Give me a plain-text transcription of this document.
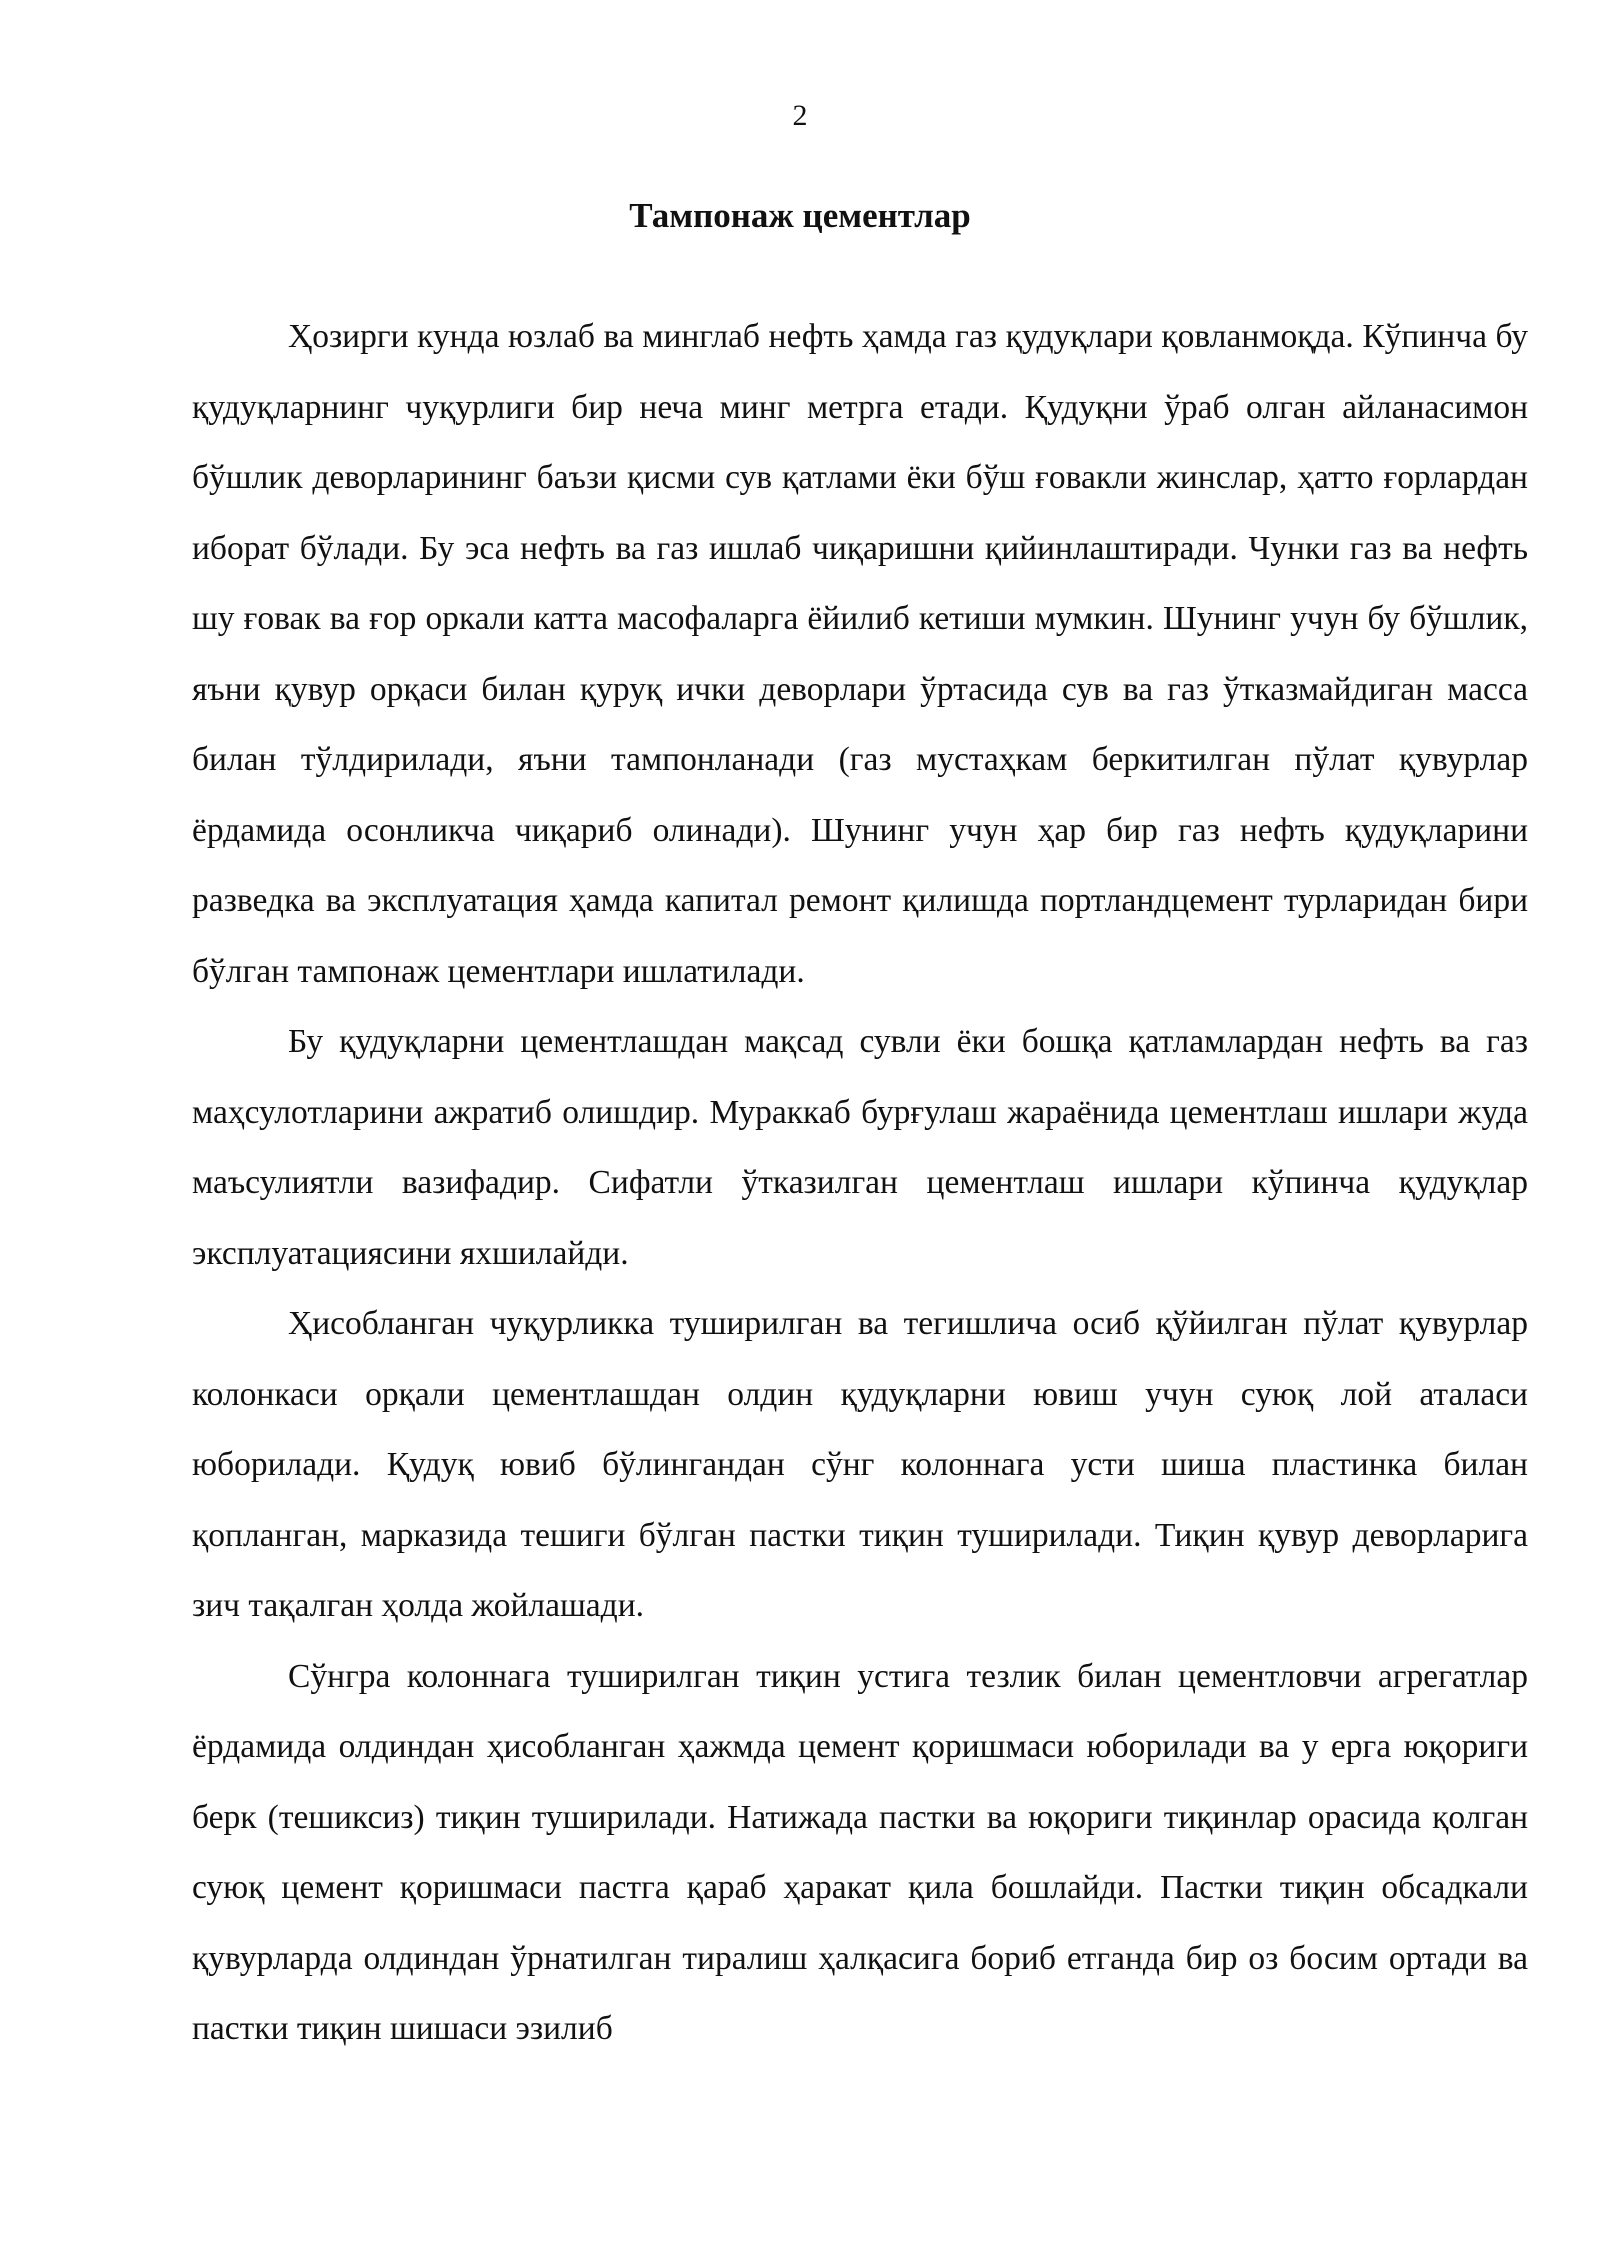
2
Тампонаж цементлар

Ҳозирги кунда юзлаб ва минглаб нефть ҳамда газ қудуқлари қовланмоқда. Кўпинча бу қудуқларнинг чуқурлиги бир неча минг метрга етади. Қудуқни ўраб олган айланасимон бўшлик деворларининг баъзи қисми сув қатлами ёки бўш ғовакли жинслар, ҳатто ғорлардан иборат бўлади. Бу эса нефть ва газ ишлаб чиқаришни қийинлаштиради. Чунки газ ва нефть шу ғовак ва ғор оркали катта масофаларга ёйилиб кетиши мумкин. Шунинг учун бу бўшлик, яъни қувур орқаси билан қуруқ ички деворлари ўртасида сув ва газ ўтказмайдиган масса билан тўлдирилади, яъни тампонланади (газ мустаҳкам беркитилган пўлат қувурлар ёрдамида осонликча чиқариб олинади). Шунинг учун ҳар бир газ нефть қудуқларини разведка ва эксплуатация ҳамда капитал ремонт қилишда портландцемент турларидан бири бўлган тампонаж цементлари ишлатилади.

Бу қудуқларни цементлашдан мақсад сувли ёки бошқа қатламлардан нефть ва газ маҳсулотларини ажратиб олишдир. Мураккаб бурғулаш жараёнида цементлаш ишлари жуда маъсулиятли вазифадир. Сифатли ўтказилган цементлаш ишлари кўпинча қудуқлар эксплуатациясини яхшилайди.

Ҳисобланган чуқурликка туширилган ва тегишлича осиб қўйилган пўлат қувурлар колонкаси орқали цементлашдан олдин қудуқларни ювиш учун суюқ лой аталаси юборилади. Қудуқ ювиб бўлингандан сўнг колоннага усти шиша пластинка билан қопланган, марказида тешиги бўлган пастки тиқин туширилади. Тиқин қувур деворларига зич тақалган ҳолда жойлашади.

Сўнгра колоннага туширилган тиқин устига тезлик билан цементловчи агрегатлар ёрдамида олдиндан ҳисобланган ҳажмда цемент қоришмаси юборилади ва у ерга юқориги берк (тешиксиз) тиқин туширилади. Натижада пастки ва юқориги тиқинлар орасида қолган суюқ цемент қоришмаси пастга қараб ҳаракат қила бошлайди. Пастки тиқин обсадкали қувурларда олдиндан ўрнатилган тиралиш ҳалқасига бориб етганда бир оз босим ортади ва пастки тиқин шишаси эзилиб
